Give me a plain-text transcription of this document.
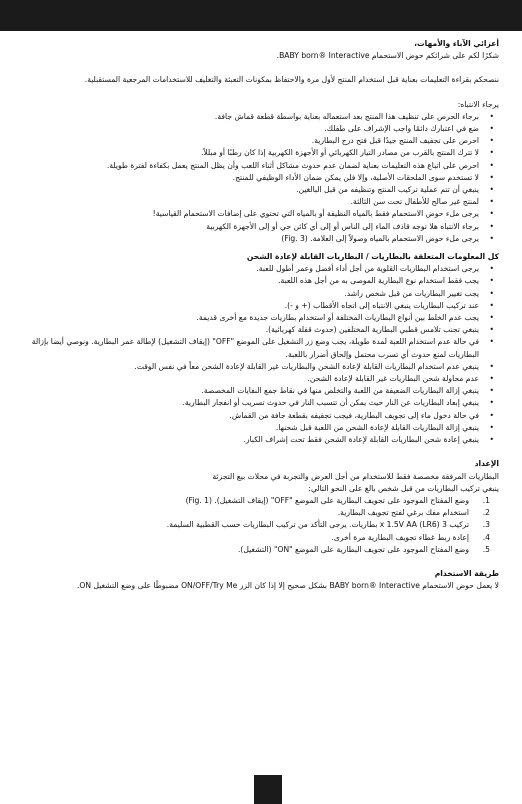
أعزائي الآباء والأمهات،

شكرًا لكم على شرائكم حوض الاستحمام BABY born® Interactive.

ننصحكم بقراءة التعليمات بعناية قبل استخدام المنتج لأول مرة والاحتفاظ بمكونات التعبئة والتغليف للاستخدامات المرجعية المستقبلية.

يرجاء الانتباه:

• برجاء الحرص على تنظيف هذا المنتج بعد استعماله بعناية بواسطة قطعة قماش جافة.
• ضع في اعتبارك دائمًا واجب الإشراف على طفلك.
• احرص على تجفيف المنتج جيدًا قبل فتح درج البطارية.
• لا تترك المنتج بالقرب من مصادر التيار الكهربائي أو الأجهزة الكهربية إذا كان رطبًا أو مبللاً.
• احرص على اتباع هذه التعليمات بعناية لضمان عدم حدوث مشاكل أثناء اللعب وأن يظل المنتج يعمل بكفاءة لفترة طويلة.
• لا تستخدم سوى الملحقات الأصلية، وإلا فلن يمكن ضمان الأداء الوظيفي للمنتج.
• ينبغي أن تتم عملية تركيب المنتج وتنظيفه من قبل البالغين.
• لمنتج غير صالح للأطفال تحت سن الثالثة.
• يرجى ملء حوض الاستحمام فقط بالمياه النظيفة أو بالمياه التي تحتوي على إضافات الاستحمام القياسية!
• برجاء الانتباه هلا توجه قاذف الماء إلى الناس أو إلى أي كائن حي أو إلى الأجهزة الكهربية
• يرجى ملء حوض الاستحمام بالمياه وصولاً إلى العلامة. (Fig. 3)

كل المعلومات المتعلقة بالبطاريات / البطاريات القابلة لإعادة الشحن

• يرجى استخدام البطاريات القلوية من أجل أداء أفضل وعمر أطول للعبة.
• يجب فقط استخدام نوع البطارية الموصى به من أجل هذه اللعبة.
• يجب تغيير البطاريات من قبل شخص راشد.
• عند تركيب البطاريات ينبغي الانتباه إلى اتجاه الأقطاب (+ و -).
• يجب عدم الخلط بين أنواع البطاريات المختلفة أو استخدام بطاريات جديدة مع أخرى قديمة.
• ينبغي تجنب تلامس قطبي البطارية المختلفين (حدوث قفلة كهربائية).
• في حالة عدم استخدام اللعبة لمدة طويلة، يجب وضع زر التشغيل على الموضع "OFF" (إيقاف التشغيل) لإطالة عمر البطارية. ونوصي أيضا بإزالة البطاريات لمنع حدوث أي تسرب محتمل وإلحاق أضرار باللعبة.
• ينبغي عدم استخدام البطاريات القابلة لإعادة الشحن والبطاريات غير القابلة لإعادة الشحن معاً في نفس الوقت.
• عدم محاولة شحن البطاريات غير القابلة لإعادة الشحن.
• ينبغي إزالة البطاريات الضعيفة من اللعبة والتخلص منها في نقاط جمع النفايات المخصصة.
• ينبغي إبعاد البطاريات عن النار حيث يمكن أن تتسبب النار في حدوث تسريب أو انفجار البطارية.
• في حالة دخول ماء إلى تجويف البطارية، فيجب تجفيفه بقطعة جافة من القماش.
• ينبغي إزالة البطاريات القابلة لإعادة الشحن من اللعبة قبل شحنها.
• ينبغي إعادة شحن البطاريات القابلة لإعادة الشحن فقط تحت إشراف الكبار.

الإعداد

البطاريات المرفقة مخصصة فقط للاستخدام من أجل العرض والتجربة في محلات بيع التجزئة

ينبغي تركيب البطاريات من قبل شخص بالغ على النحو التالي:

1.
وضع المفتاح الموجود على تجويف البطارية على الموضع "OFF" (إيقاف التشغيل). (Fig. 1)
2.
استخدام مفك برغي لفتح تجويف البطارية.
3.
تركيب 3 x 1.5V AA (LR6) بطاريات. يرجى التأكد من تركيب البطاريات حسب القطبية السليمة.
4.
إعادة ربط غطاء تجويف البطارية مرة أخرى.
5.
وضع المفتاح الموجود على تجويف البطارية على الموضع "ON" (التشغيل).

طريقة الاستخدام

لا يعمل حوض الاستحمام BABY born® Interactive بشكل صحيح إلا إذا كان الزر ON/OFF/Try Me مضبوطًا على وضع التشغيل ON.
